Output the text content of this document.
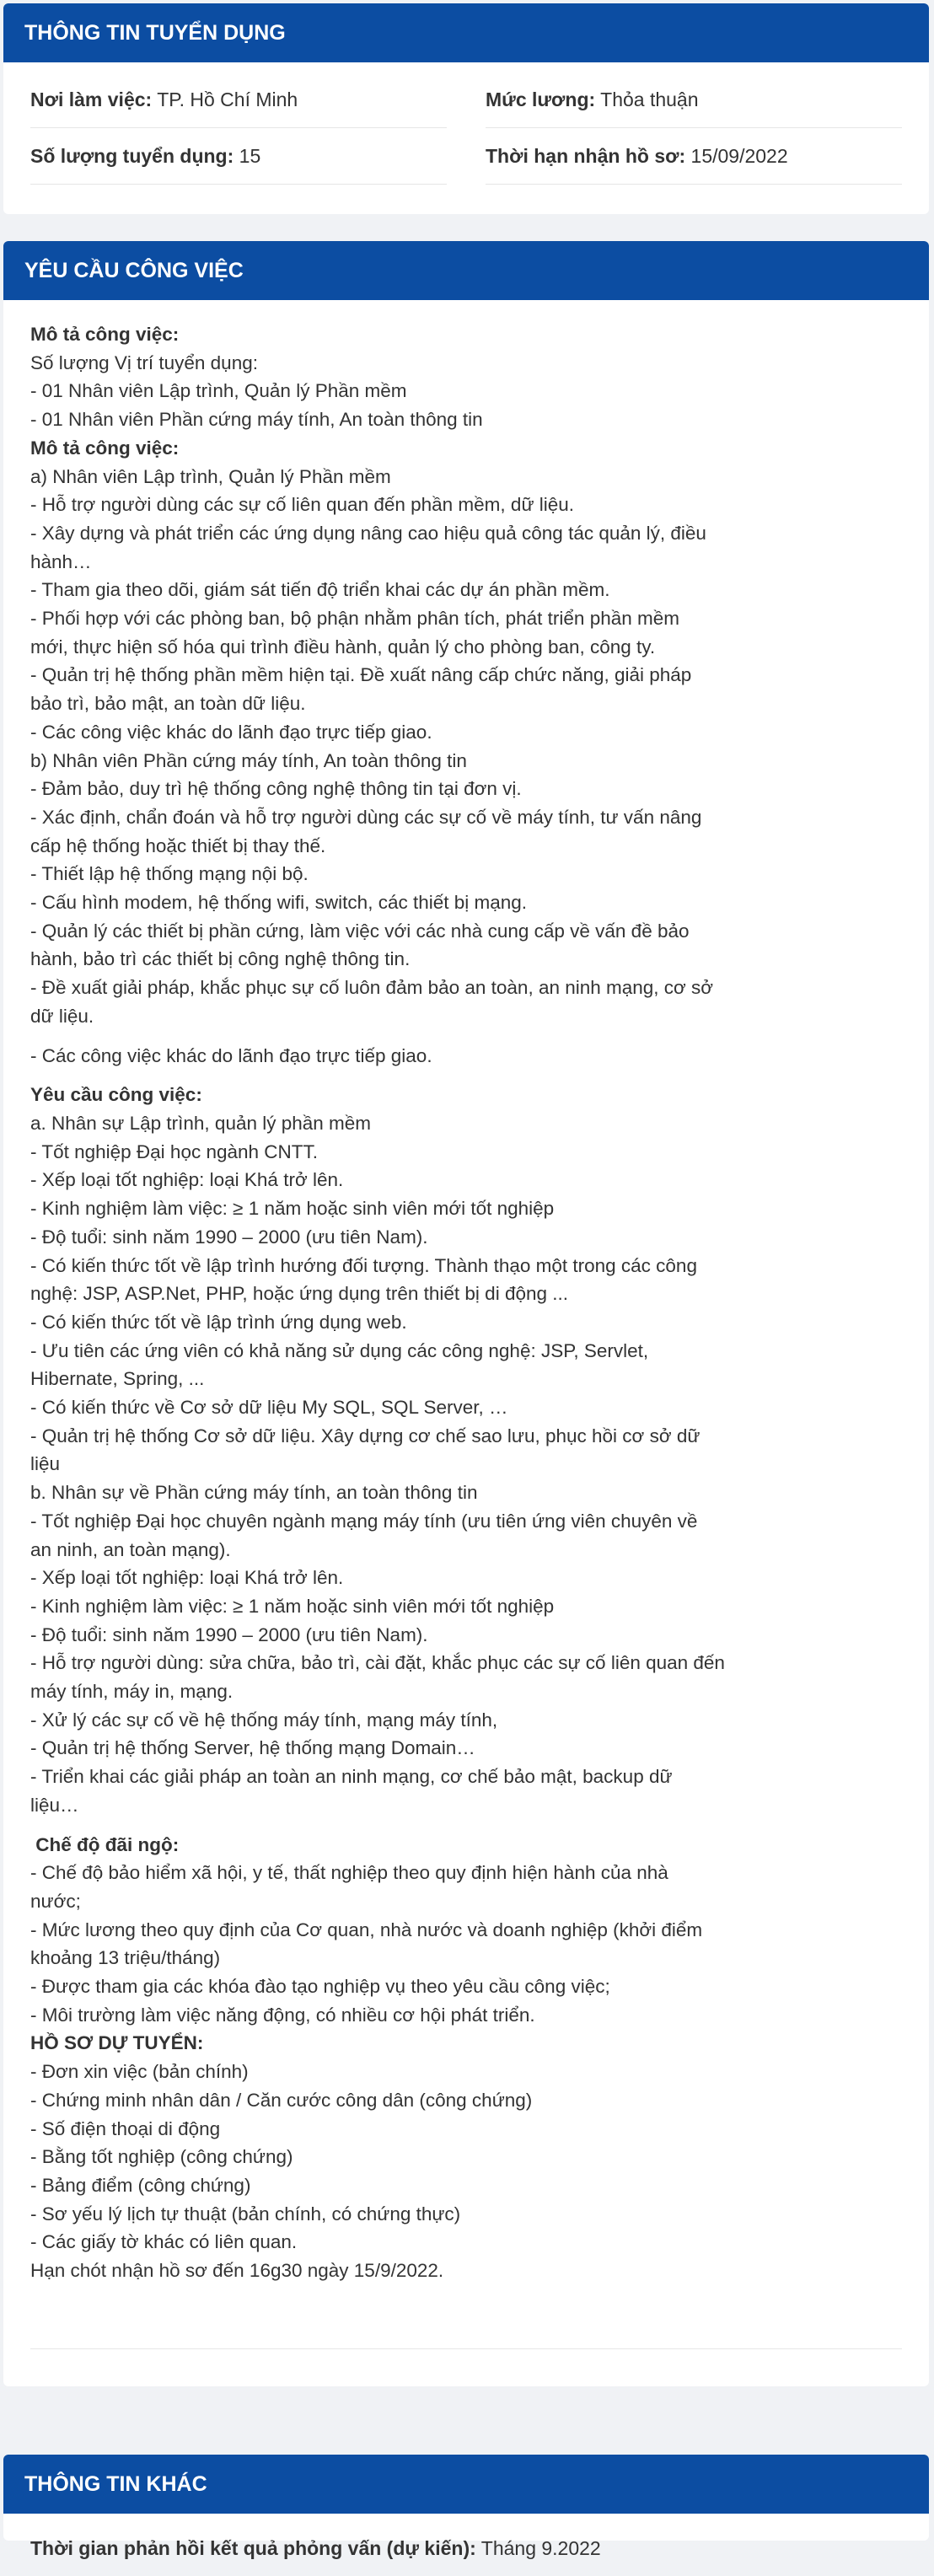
THÔNG TIN TUYỂN DỤNG
Nơi làm việc: TP. Hồ Chí Minh	Mức lương: Thỏa thuận
Số lượng tuyển dụng: 15	Thời hạn nhận hồ sơ: 15/09/2022
YÊU CẦU CÔNG VIỆC
Mô tả công việc:
Số lượng Vị trí tuyển dụng:
- 01 Nhân viên Lập trình, Quản lý Phần mềm
- 01 Nhân viên Phần cứng máy tính, An toàn thông tin
Mô tả công việc:
a) Nhân viên Lập trình, Quản lý Phần mềm
- Hỗ trợ người dùng các sự cố liên quan đến phần mềm, dữ liệu.
- Xây dựng và phát triển các ứng dụng nâng cao hiệu quả công tác quản lý, điều
hành…
- Tham gia theo dõi, giám sát tiến độ triển khai các dự án phần mềm.
- Phối hợp với các phòng ban, bộ phận nhằm phân tích, phát triển phần mềm
mới, thực hiện số hóa qui trình điều hành, quản lý cho phòng ban, công ty.
- Quản trị hệ thống phần mềm hiện tại. Đề xuất nâng cấp chức năng, giải pháp
bảo trì, bảo mật, an toàn dữ liệu.
- Các công việc khác do lãnh đạo trực tiếp giao.
b) Nhân viên Phần cứng máy tính, An toàn thông tin
- Đảm bảo, duy trì hệ thống công nghệ thông tin tại đơn vị.
- Xác định, chẩn đoán và hỗ trợ người dùng các sự cố về máy tính, tư vấn nâng
cấp hệ thống hoặc thiết bị thay thế.
- Thiết lập hệ thống mạng nội bộ.
- Cấu hình modem, hệ thống wifi, switch, các thiết bị mạng.
- Quản lý các thiết bị phần cứng, làm việc với các nhà cung cấp về vấn đề bảo
hành, bảo trì các thiết bị công nghệ thông tin.
- Đề xuất giải pháp, khắc phục sự cố luôn đảm bảo an toàn, an ninh mạng, cơ sở
dữ liệu.
- Các công việc khác do lãnh đạo trực tiếp giao.
Yêu cầu công việc:
a. Nhân sự Lập trình, quản lý phần mềm
- Tốt nghiệp Đại học ngành CNTT.
- Xếp loại tốt nghiệp: loại Khá trở lên.
- Kinh nghiệm làm việc: ≥ 1 năm hoặc sinh viên mới tốt nghiệp
- Độ tuổi: sinh năm 1990 – 2000 (ưu tiên Nam).
- Có kiến thức tốt về lập trình hướng đối tượng. Thành thạo một trong các công
nghệ: JSP, ASP.Net, PHP, hoặc ứng dụng trên thiết bị di động ...
- Có kiến thức tốt về lập trình ứng dụng web.
- Ưu tiên các ứng viên có khả năng sử dụng các công nghệ: JSP, Servlet,
Hibernate, Spring, ...
- Có kiến thức về Cơ sở dữ liệu My SQL, SQL Server, …
- Quản trị hệ thống Cơ sở dữ liệu. Xây dựng cơ chế sao lưu, phục hồi cơ sở dữ
liệu
b. Nhân sự về Phần cứng máy tính, an toàn thông tin
- Tốt nghiệp Đại học chuyên ngành mạng máy tính (ưu tiên ứng viên chuyên về
an ninh, an toàn mạng).
- Xếp loại tốt nghiệp: loại Khá trở lên.
- Kinh nghiệm làm việc: ≥ 1 năm hoặc sinh viên mới tốt nghiệp
- Độ tuổi: sinh năm 1990 – 2000 (ưu tiên Nam).
- Hỗ trợ người dùng: sửa chữa, bảo trì, cài đặt, khắc phục các sự cố liên quan đến
máy tính, máy in, mạng.
- Xử lý các sự cố về hệ thống máy tính, mạng máy tính,
- Quản trị hệ thống Server, hệ thống mạng Domain…
- Triển khai các giải pháp an toàn an ninh mạng, cơ chế bảo mật, backup dữ
liệu…
Chế độ đãi ngộ:
- Chế độ bảo hiểm xã hội, y tế, thất nghiệp theo quy định hiện hành của nhà
nước;
- Mức lương theo quy định của Cơ quan, nhà nước và doanh nghiệp (khởi điểm
khoảng 13 triệu/tháng)
- Được tham gia các khóa đào tạo nghiệp vụ theo yêu cầu công việc;
- Môi trường làm việc năng động, có nhiều cơ hội phát triển.
HỒ SƠ DỰ TUYỂN:
- Đơn xin việc (bản chính)
- Chứng minh nhân dân / Căn cước công dân (công chứng)
- Số điện thoại di động
- Bằng tốt nghiệp (công chứng)
- Bảng điểm (công chứng)
- Sơ yếu lý lịch tự thuật (bản chính, có chứng thực)
- Các giấy tờ khác có liên quan.
Hạn chót nhận hồ sơ đến 16g30 ngày 15/9/2022.
THÔNG TIN KHÁC
Thời gian phản hồi kết quả phỏng vấn (dự kiến): Tháng 9.2022
